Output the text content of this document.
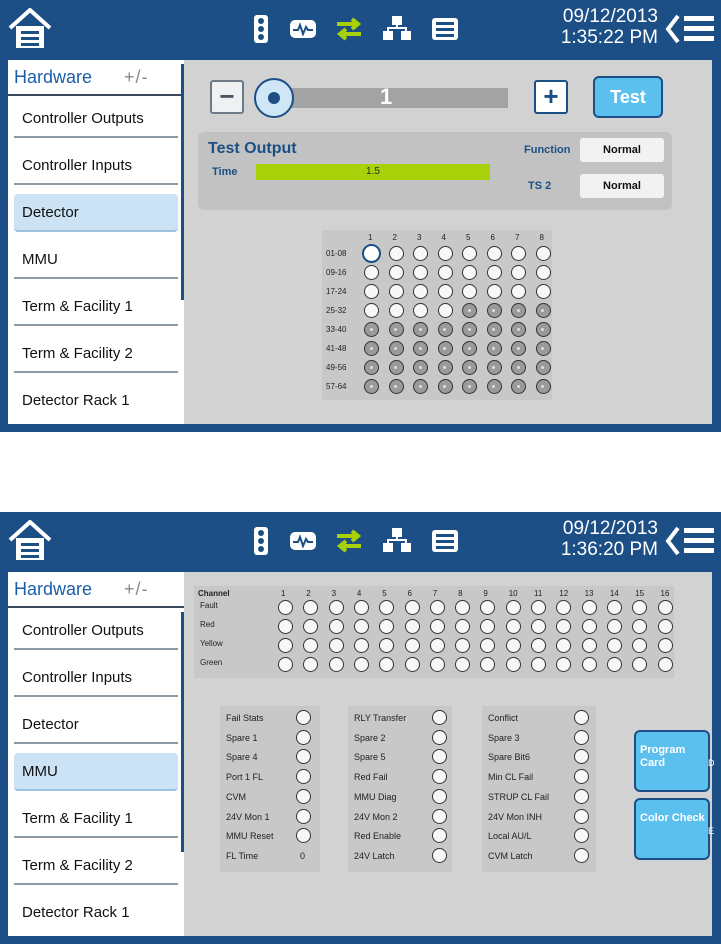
09/12/2013
1:35:22 PM
Hardware +/-
Controller Outputs
Controller Inputs
Detector
MMU
Term & Facility 1
Term & Facility 2
Detector Rack 1
−	1	+	Test
Test Output
Time	1.5
Function	Normal
TS 2	Normal
1	2	3	4	5	6	7	8
01-08
09-16
17-24
25-32
33-40
41-48
49-56
57-64
09/12/2013
1:36:20 PM
Hardware +/-
Controller Outputs
Controller Inputs
Detector
MMU
Term & Facility 1
Term & Facility 2
Detector Rack 1
Channel	1	2	3	4	5	6	7	8	9	10 11 12 13 14 15 16
Fault
Red
Yellow
Green
Fail Stats
Spare 1
Spare 4
Port 1 FL
CVM
24V Mon 1
MMU Reset
FL Time	0
RLY Transfer
Spare 2
Spare 5
Red Fail
MMU Diag
24V Mon 2
Red Enable
24V Latch
Conflict
Spare 3
Spare Bit6
Min CL Fail
STRUP CL Fail
24V Mon INH
Local AU/L
CVM Latch
Program Card	D
Color Check
E
